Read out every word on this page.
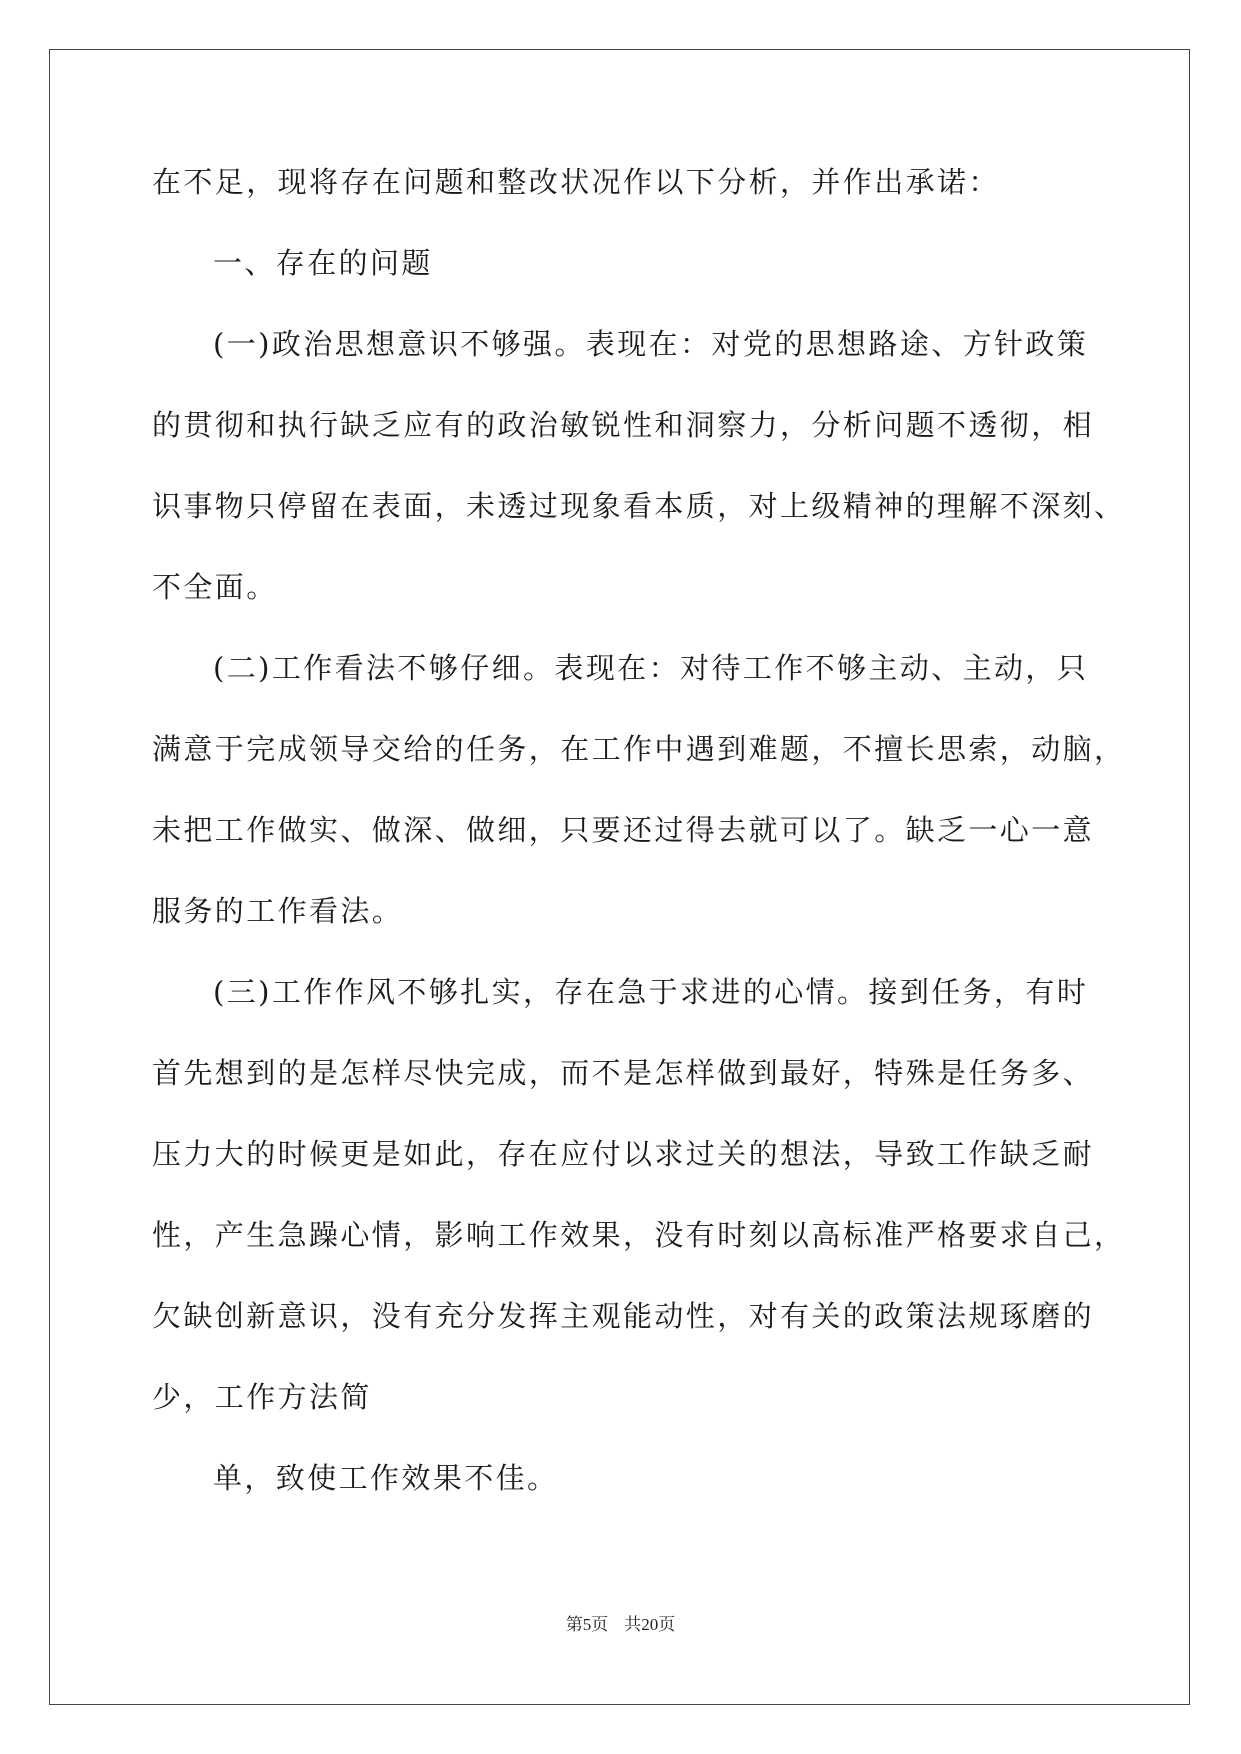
在不足，现将存在问题和整改状况作以下分析，并作出承诺：
一、存在的问题
(一)政治思想意识不够强。表现在：对党的思想路途、方针政策
的贯彻和执行缺乏应有的政治敏锐性和洞察力，分析问题不透彻，相
识事物只停留在表面，未透过现象看本质，对上级精神的理解不深刻、
不全面。
(二)工作看法不够仔细。表现在：对待工作不够主动、主动，只
满意于完成领导交给的任务，在工作中遇到难题，不擅长思索，动脑，
未把工作做实、做深、做细，只要还过得去就可以了。缺乏一心一意
服务的工作看法。
(三)工作作风不够扎实，存在急于求进的心情。接到任务，有时
首先想到的是怎样尽快完成，而不是怎样做到最好，特殊是任务多、
压力大的时候更是如此，存在应付以求过关的想法，导致工作缺乏耐
性，产生急躁心情，影响工作效果，没有时刻以高标准严格要求自己，
欠缺创新意识，没有充分发挥主观能动性，对有关的政策法规琢磨的
少，工作方法简
单，致使工作效果不佳。
第5页 共20页
